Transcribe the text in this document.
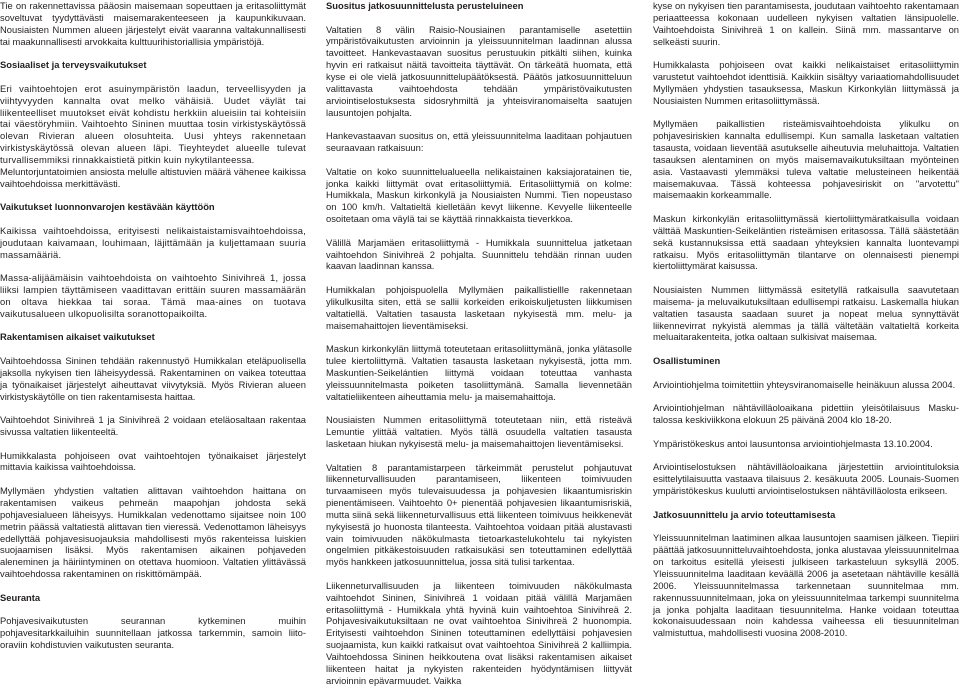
Tie on rakennettavissa pääosin maisemaan sopeuttaen ja eritasoliittymät soveltuvat tyydyttävästi maisemarakenteeseen ja kaupunkikuvaan. Nousiaisten Nummen alueen järjestelyt eivät vaaranna valtakunnallisesti tai maakunnallisesti arvokkaita kulttuurihistoriallisia ympäristöjä.

Sosiaaliset ja terveysvaikutukset

Eri vaihtoehtojen erot asuinympäristön laadun, terveellisyyden ja viihtyvyyden kannalta ovat melko vähäisiä. Uudet väylät tai liikenteelliset muutokset eivät kohdistu herkkiin alueisiin tai kohteisiin tai väestöryhmiin. Vaihtoehto Sininen muuttaa tosin virkistyskäytössä olevan Rivieran alueen olosuhteita. Uusi yhteys rakennetaan virkistyskäytössä olevan alueen läpi. Tieyhteydet alueelle tulevat turvallisemmiksi rinnakkaistietä pitkin kuin nykytilanteessa.

Meluntorjuntatoimien ansiosta melulle altistuvien määrä vähenee kaikissa vaihtoehdoissa merkittävästi.

Vaikutukset luonnonvarojen kestävään käyttöön

Kaikissa vaihtoehdoissa, erityisesti nelikaistaistamisvaihtoehdoissa, joudutaan kaivamaan, louhimaan, läjittämään ja kuljettamaan suuria massamääriä.

Massa-alijäämäisin vaihtoehdoista on vaihtoehto Sinivihreä 1, jossa liiksi lampien täyttämiseen vaadittavan erittäin suuren massamäärän on oltava hiekkaa tai soraa. Tämä maa-aines on tuotava vaikutusalueen ulkopuolisilta soranottopaikoilta.

Rakentamisen aikaiset vaikutukset

Vaihtoehdossa Sininen tehdään rakennustyö Humikkalan eteläpuolisella jaksolla nykyisen tien läheisyydessä. Rakentaminen on vaikea toteuttaa ja työnaikaiset järjestelyt aiheuttavat viivytyksiä. Myös Rivieran alueen virkistyskäytölle on tien rakentamisesta haittaa.

Vaihtoehdot Sinivihreä 1 ja Sinivihreä 2 voidaan eteläosaltaan rakentaa sivussa valtatien liikenteeltä.

Humikkalasta pohjoiseen ovat vaihtoehtojen työnaikaiset järjestelyt mittavia kaikissa vaihtoehdoissa.

Myllymäen yhdystien valtatien alittavan vaihtoehdon haittana on rakentamisen vaikeus pehmeän maapohjan johdosta sekä pohjavesialueen läheisyys. Humikkalan vedenottamo sijaitsee noin 100 metrin päässä valtatiestä alittavan tien vieressä. Vedenottamon läheisyys edellyttää pohjavesisuojauksia mahdollisesti myös rakenteissa luiskien suojaamisen lisäksi. Myös rakentamisen aikainen pohjaveden aleneminen ja häiriintyminen on otettava huomioon. Valtatien ylittävässä vaihtoehdossa rakentaminen on riskittömämpää.

Seuranta

Pohjavesivaikutusten seurannan kytkeminen muihin pohjavesitarkkailuihin suunnitellaan jatkossa tarkemmin, samoin liito-oraviin kohdistuvien vaikutusten seuranta.

Suositus jatkosuunnittelusta perusteluineen

Valtatien 8 välin Raisio-Nousiainen parantamiselle asetettiin ympäristövaikutusten arvioinnin ja yleissuunnitelman laadinnan alussa tavoitteet. Hankevastaavan suositus perustuukin pitkälti siihen, kuinka hyvin eri ratkaisut näitä tavoitteita täyttävät. On tärkeätä huomata, että kyse ei ole vielä jatkosuunnittelupäätöksestä. Päätös jatkosuunnitteluun valittavasta vaihtoehdosta tehdään ympäristövaikutusten arviointiselostuksesta sidosryhmiltä ja yhteisviranomaiselta saatujen lausuntojen pohjalta.

Hankevastaavan suositus on, että yleissuunnitelma laaditaan pohjautuen seuraavaan ratkaisuun:

Valtatie on koko suunnittelualueella nelikaistainen kaksiajoratainen tie, jonka kaikki liittymät ovat eritasoliittymiä. Eritasoliittymiä on kolme: Humikkala, Maskun kirkonkylä ja Nousiaisten Nummi. Tien nopeustaso on 100 km/h. Valtatieltä kielletään kevyt liikenne. Kevyelle liikenteelle osoitetaan oma väylä tai se käyttää rinnakkaista tieverkkoa.

Välillä Marjamäen eritasoliittymä - Humikkala suunnittelua jatketaan vaihtoehdon Sinivihreä 2 pohjalta. Suunnittelu tehdään rinnan uuden kaavan laadinnan kanssa.

Humikkalan pohjoispuolella Myllymäen paikallistiellle rakennetaan ylikulkusilta siten, että se sallii korkeiden erikoiskuljetusten liikkumisen valtatiellä. Valtatien tasausta lasketaan nykyisestä mm. melu- ja maisemahaittojen lieventämiseksi.

Maskun kirkonkylän liittymä toteutetaan eritasoliittymänä, jonka ylätasolle tulee kiertoliittymä. Valtatien tasausta lasketaan nykyisestä, jotta mm. Maskuntien-Seikelántien liittymä voidaan toteuttaa vanhasta yleissuunnitelmasta poiketen tasoliittymänä. Samalla lievennetään valtatieliikenteen aiheuttamia melu- ja maisemahaittoja.

Nousiaisten Nummen eritasoliittymä toteutetaan niin, että risteävä Lemuntie ylittää valtatien. Myös tällä osuudella valtatien tasausta lasketaan hiukan nykyisestä melu- ja maisemahaittojen lieventämiseksi.

Valtatien 8 parantamistarpeen tärkeimmät perustelut pohjautuvat liikenneturvallisuuden parantamiseen, liikenteen toimivuuden turvaamiseen myös tulevaisuudessa ja pohjavesien likaantumisriskin pienentämiseen. Vaihtoehto 0+ pienentää pohjavesien likaantumisriskiä, mutta siinä sekä liikenneturvallisuus että liikenteen toimivuus heikkenevät nykyisestä jo huonosta tilanteesta. Vaihtoehtoa voidaan pitää alustavasti vain toimivuuden näkökulmasta tietoarkastelukohtelu tai nykyisten ongelmien pitkäkestoisuuden ratkaisukäsi sen toteuttaminen edellyttää myös hankkeen jatkosuunnittelua, jossa sitä tulisi tarkentaa.

Liikenneturvallisuuden ja liikenteen toimivuuden näkökulmasta vaihtoehdot Sininen, Sinivihreä 1 voidaan pitää välillä Marjamäen eritasoliittymä - Humikkala yhtä hyvinä kuin vaihtoehtoa Sinivihreä 2. Pohjavesivaikutuksiltaan ne ovat vaihtoehtoa Sinivihreä 2 huonompia. Erityisesti vaihtoehdon Sininen toteuttaminen edellyttäisi pohjavesien suojaamista, kun kaikki ratkaisut ovat vaihtoehtoa Sinivihreä 2 kalliimpia. Vaihtoehdossa Sininen heikkoutena ovat lisäksi rakentamisen aikaiset liikenteen haitat ja nykyisten rakenteiden hyödyntämisen liittyvät arvioinnin epävarmuudet. Vaikka

kyse on nykyisen tien parantamisesta, joudutaan vaihtoehto rakentamaan periaatteessa kokonaan uudelleen nykyisen valtatien länsipuolelle. Vaihtoehdoista Sinivihreä 1 on kallein. Siinä mm. massantarve on selkeästi suurin.

Humikkalasta pohjoiseen ovat kaikki nelikaistaiset eritasoliittymin varustetut vaihtoehdot identtisiä. Kaikkiin sisältyy variaatiomahdollisuudet Myllymäen yhdystien tasauksessa, Maskun Kirkonkylän liittymässä ja Nousiaisten Nummen eritasoliittymässä.

Myllymäen paikallistien risteämisvaihtoehdoista ylikulku on pohjavesiriskien kannalta edullisempi. Kun samalla lasketaan valtatien tasausta, voidaan lieventää asutukselle aiheutuvia meluhaittoja. Valtatien tasauksen alentaminen on myös maisemavaikutuksiltaan myönteinen asia. Vastaavasti ylemmäksi tuleva valtatie melusteineen heikentää maisemakuvaa. Tässä kohteessa pohjavesiriskit on "arvotettu" maisemaakin korkeammalle.

Maskun kirkonkylän eritasoliittymässä kiertoliittymäratkaisulla voidaan välttää Maskuntien-Seikeläntien risteämisen eritasossa. Tällä säästetään sekä kustannuksissa että saadaan yhteyksien kannalta luontevampi ratkaisu. Myös eritasoliittymän tilantarve on olennaisesti pienempi kiertoliittymärat kaisussa.

Nousiaisten Nummen liittymässä esitetyllä ratkaisulla saavutetaan maisema- ja meluvaikutuksiltaan edullisempi ratkaisu. Laskemalla hiukan valtatien tasausta saadaan suuret ja nopeat melua synnyttävät liikennevirrat nykyistä alemmas ja tällä vältetään valtatieltä korkeita meluaitarakenteita, jotka oaltaan sulkisivat maisemaa.

Osallistuminen

Arviointiohjelma toimitettiin yhteysviranomaiselle heinäkuun alussa 2004.

Arviointiohjelman nähtävilläoloaikana pidettiin yleisötilaisuus Masku-talossa keskiviikkona elokuun 25 päivänä 2004 klo 18-20.

Ympäristökeskus antoi lausuntonsa arviointiohjelmasta 13.10.2004.

Arviointiselostuksen nähtävilläoloaikana järjestettiin arviointituloksia esittelytilaisuutta vastaava tilaisuus 2. kesäkuuta 2005. Lounais-Suomen ympäristökeskus kuulutti arviointiselostuksen nähtävilläolosta erikseen.

Jatkosuunnittelu ja arvio toteuttamisesta

Yleissuunnitelman laatiminen alkaa lausuntojen saamisen jälkeen. Tiepiiri päättää jatkosuunnitteluvaihtoehdosta, jonka alustavaa yleissuunnitelmaa on tarkoitus esitellä yleisesti julkiseen tarkasteluun syksyllä 2005. Yleissuunnitelma laaditaan keväällä 2006 ja asetetaan nähtäville kesällä 2006. Yleissuunnitelmassa tarkennetaan suunnitelmaa mm. rakennussuunnitelmaan, joka on yleissuunnitelmaa tarkempi suunnitelma ja jonka pohjalta laaditaan tiesuunnitelma. Hanke voidaan toteuttaa kokonaisuudessaan noin kahdessa vaiheessa eli tiesuunnitelman valmistuttua, mahdollisesti vuosina 2008-2010.
